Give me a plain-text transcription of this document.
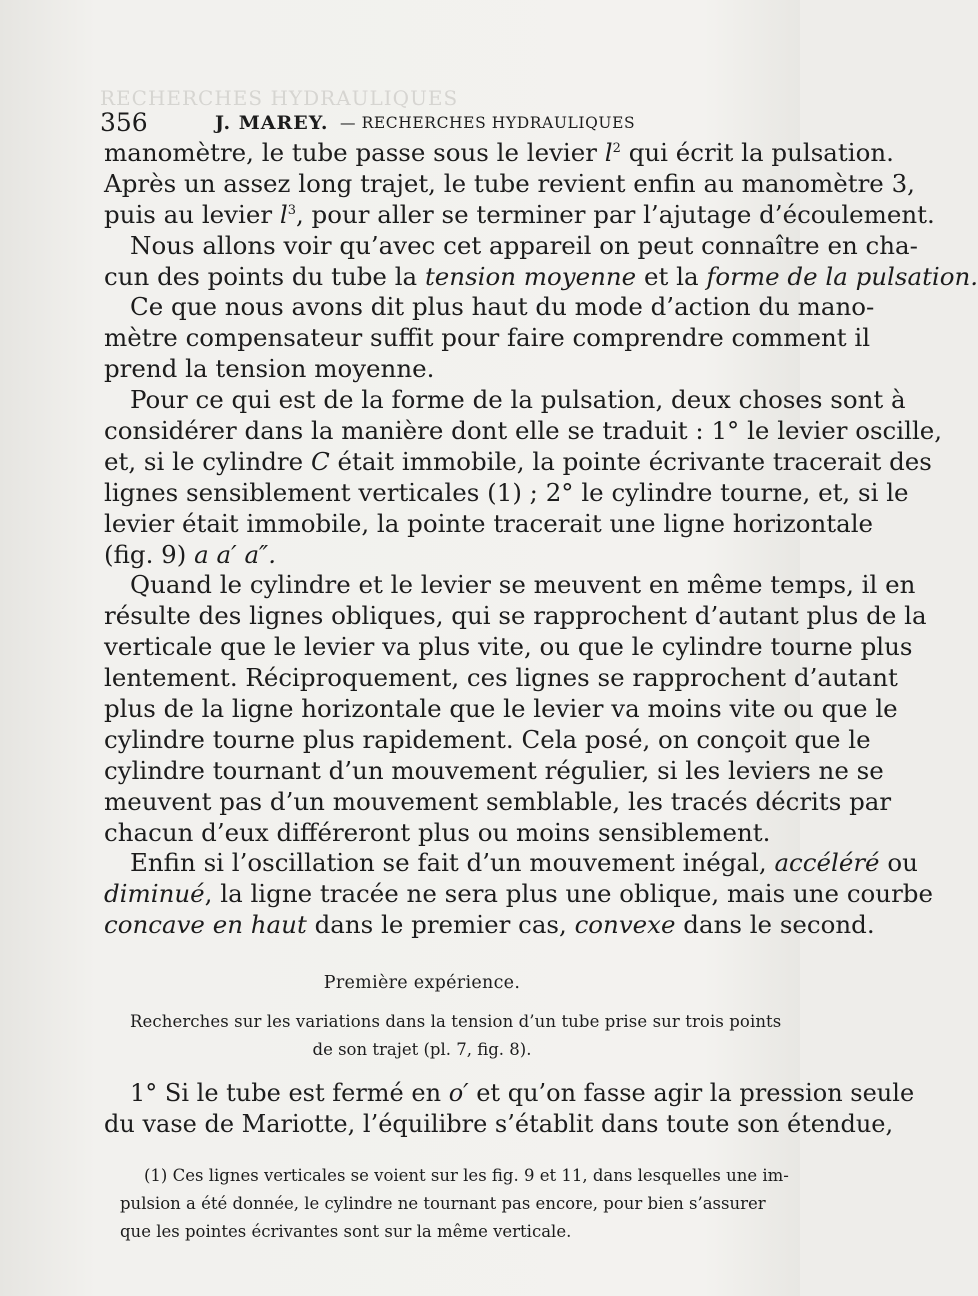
RECHERCHES HYDRAULIQUES
356	J. MAREY. — RECHERCHES HYDRAULIQUES
manomètre, le tube passe sous le levier $l^2$ qui écrit la pulsation.
Après un assez long trajet, le tube revient enfin au manomètre 3,
puis au levier $l^3$, pour aller se terminer par l’ajutage d’écoulement.
Nous allons voir qu’avec cet appareil on peut connaître en cha-
cun des points du tube la tension moyenne et la forme de la pulsation.
Ce que nous avons dit plus haut du mode d’action du mano-
mètre compensateur suffit pour faire comprendre comment il
prend la tension moyenne.
Pour ce qui est de la forme de la pulsation, deux choses sont à
considérer dans la manière dont elle se traduit : 1° le levier oscille,
et, si le cylindre C était immobile, la pointe écrivante tracerait des
lignes sensiblement verticales (1) ; 2° le cylindre tourne, et, si le
levier était immobile, la pointe tracerait une ligne horizontale
(fig. 9) a a′ a″.
Quand le cylindre et le levier se meuvent en même temps, il en
résulte des lignes obliques, qui se rapprochent d’autant plus de la
verticale que le levier va plus vite, ou que le cylindre tourne plus
lentement. Réciproquement, ces lignes se rapprochent d’autant
plus de la ligne horizontale que le levier va moins vite ou que le
cylindre tourne plus rapidement. Cela posé, on conçoit que le
cylindre tournant d’un mouvement régulier, si les leviers ne se
meuvent pas d’un mouvement semblable, les tracés décrits par
chacun d’eux différeront plus ou moins sensiblement.
Enfin si l’oscillation se fait d’un mouvement inégal, accéléré ou
diminué, la ligne tracée ne sera plus une oblique, mais une courbe
concave en haut dans le premier cas, convexe dans le second.
Première expérience.
Recherches sur les variations dans la tension d’un tube prise sur trois points
de son trajet (pl. 7, fig. 8).
1° Si le tube est fermé en o′ et qu’on fasse agir la pression seule
du vase de Mariotte, l’équilibre s’établit dans toute son étendue,
(1) Ces lignes verticales se voient sur les fig. 9 et 11, dans lesquelles une im-
pulsion a été donnée, le cylindre ne tournant pas encore, pour bien s’assurer
que les pointes écrivantes sont sur la même verticale.
